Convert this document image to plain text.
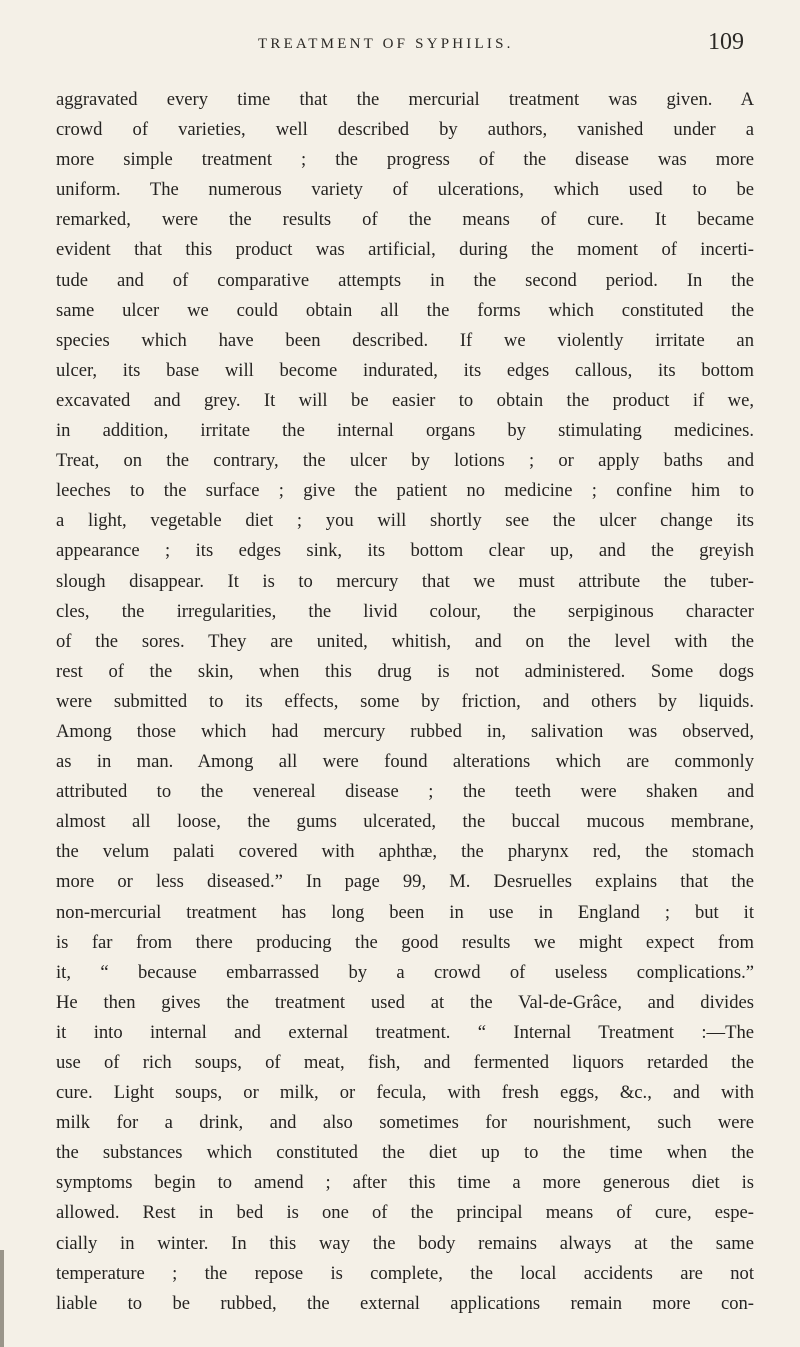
TREATMENT OF SYPHILIS.	109
aggravated every time that the mercurial treatment was given. A
crowd of varieties, well described by authors, vanished under a
more simple treatment ; the progress of the disease was more
uniform. The numerous variety of ulcerations, which used to be
remarked, were the results of the means of cure. It became
evident that this product was artificial, during the moment of incerti-
tude and of comparative attempts in the second period. In the
same ulcer we could obtain all the forms which constituted the
species which have been described. If we violently irritate an
ulcer, its base will become indurated, its edges callous, its bottom
excavated and grey. It will be easier to obtain the product if we,
in addition, irritate the internal organs by stimulating medicines.
Treat, on the contrary, the ulcer by lotions ; or apply baths and
leeches to the surface ; give the patient no medicine ; confine him to
a light, vegetable diet ; you will shortly see the ulcer change its
appearance ; its edges sink, its bottom clear up, and the greyish
slough disappear. It is to mercury that we must attribute the tuber-
cles, the irregularities, the livid colour, the serpiginous character
of the sores. They are united, whitish, and on the level with the
rest of the skin, when this drug is not administered. Some dogs
were submitted to its effects, some by friction, and others by liquids.
Among those which had mercury rubbed in, salivation was observed,
as in man. Among all were found alterations which are commonly
attributed to the venereal disease ; the teeth were shaken and
almost all loose, the gums ulcerated, the buccal mucous membrane,
the velum palati covered with aphthæ, the pharynx red, the stomach
more or less diseased.” In page 99, M. Desruelles explains that the
non-mercurial treatment has long been in use in England ; but it
is far from there producing the good results we might expect from
it, “ because embarrassed by a crowd of useless complications.”
He then gives the treatment used at the Val-de-Grâce, and divides
it into internal and external treatment. “ Internal Treatment :—The
use of rich soups, of meat, fish, and fermented liquors retarded the
cure. Light soups, or milk, or fecula, with fresh eggs, &c., and with
milk for a drink, and also sometimes for nourishment, such were
the substances which constituted the diet up to the time when the
symptoms begin to amend ; after this time a more generous diet is
allowed. Rest in bed is one of the principal means of cure, espe-
cially in winter. In this way the body remains always at the same
temperature ; the repose is complete, the local accidents are not
liable to be rubbed, the external applications remain more con-
